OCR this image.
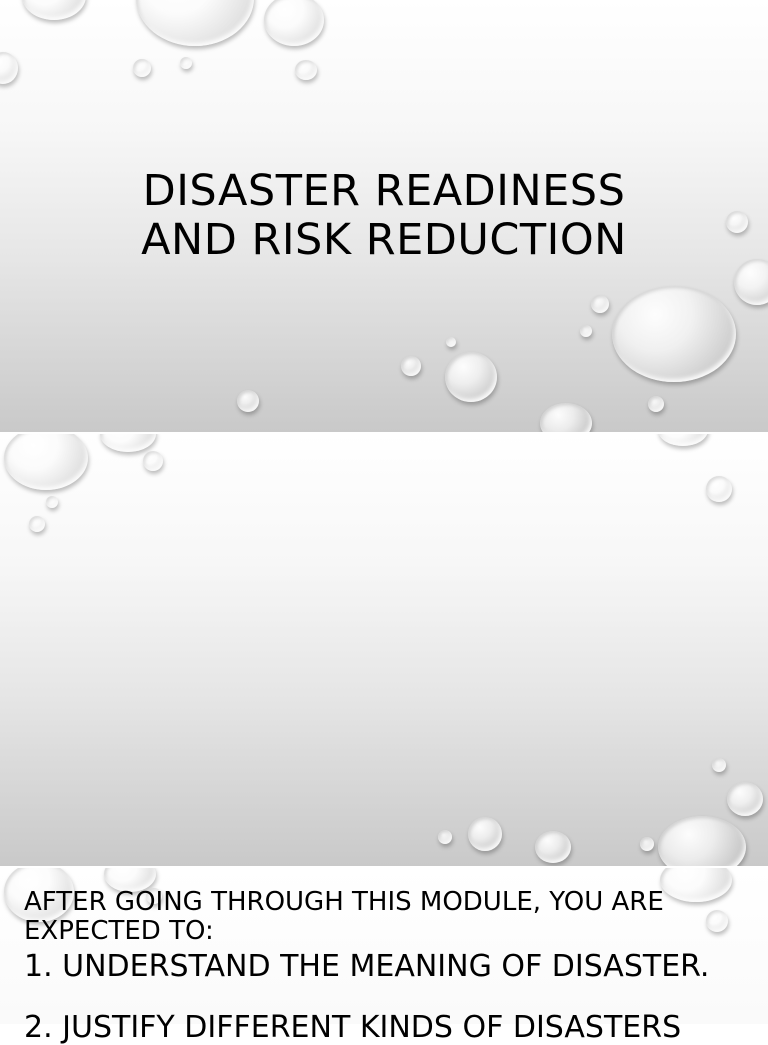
DISASTER READINESS
AND RISK REDUCTION
AFTER GOING THROUGH THIS MODULE, YOU ARE
EXPECTED TO:
1. UNDERSTAND THE MEANING OF DISASTER.
2. JUSTIFY DIFFERENT KINDS OF DISASTERS
